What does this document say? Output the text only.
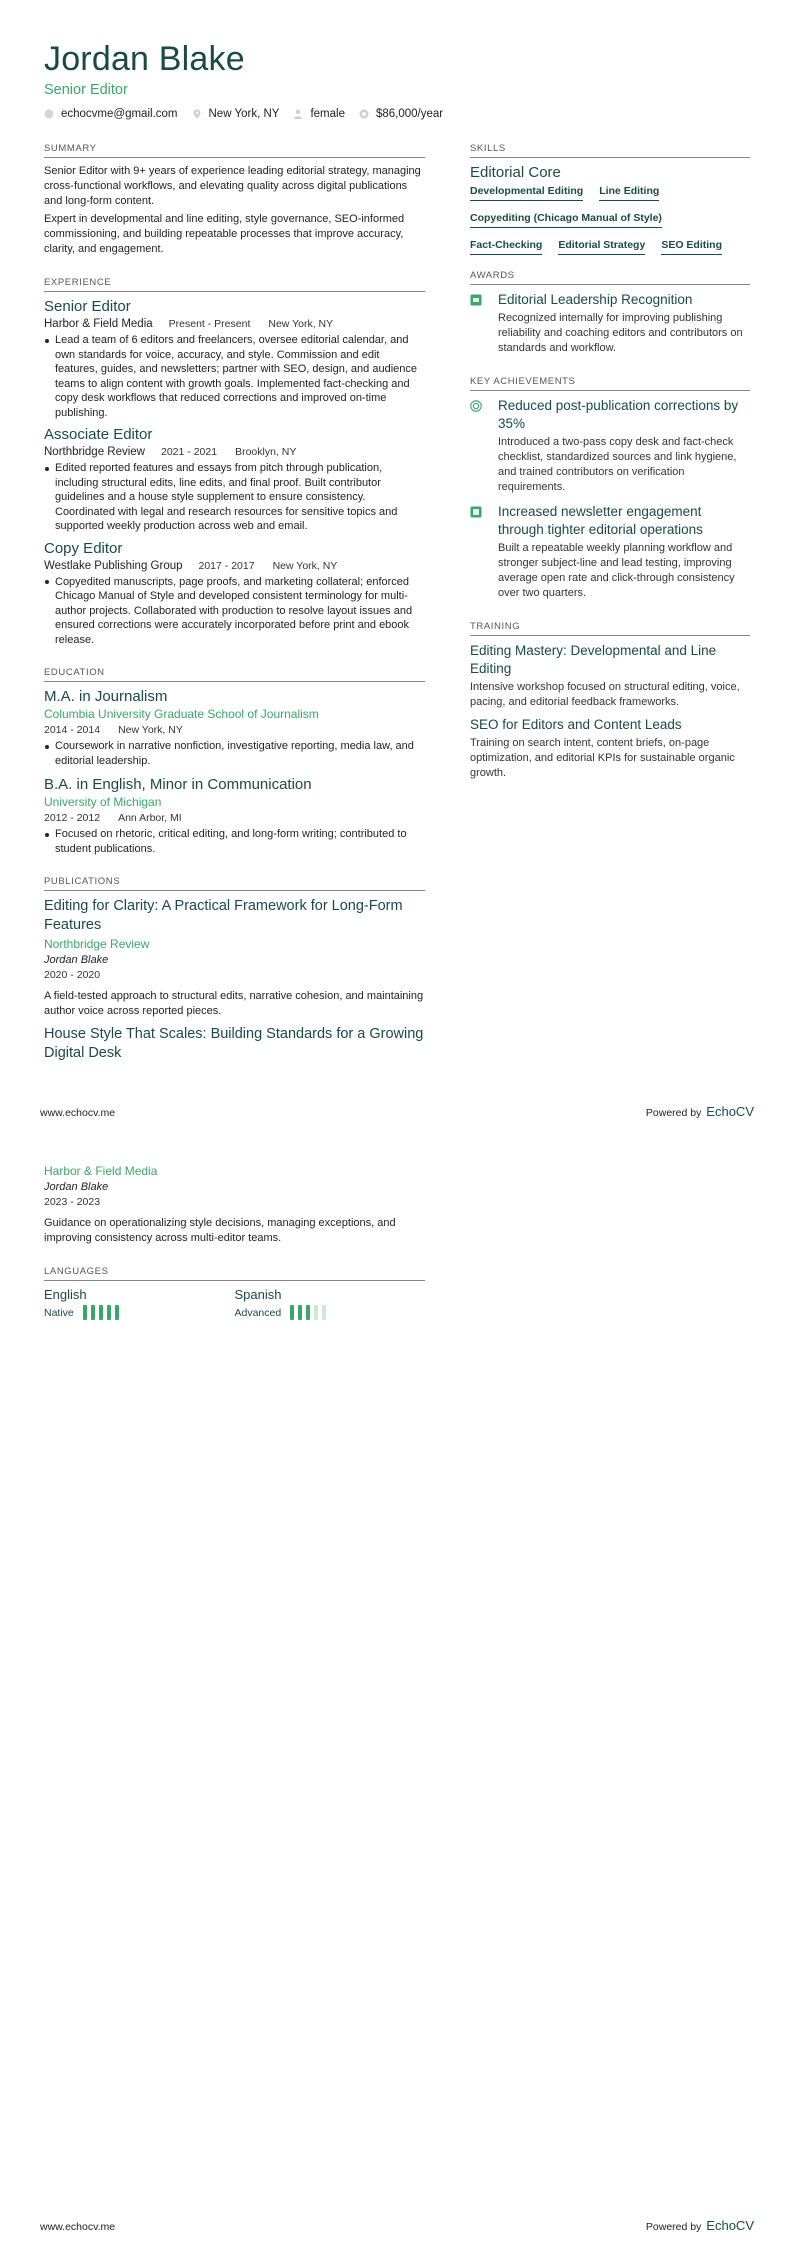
Jordan Blake
Senior Editor
echocvme@gmail.com	New York, NY	female	$86,000/year
SUMMARY
Senior Editor with 9+ years of experience leading editorial strategy, managing cross-functional workflows, and elevating quality across digital publications and long-form content.
Expert in developmental and line editing, style governance, SEO-informed commissioning, and building repeatable processes that improve accuracy, clarity, and engagement.
EXPERIENCE
Senior Editor
Harbor & Field Media Present - Present New York, NY
Lead a team of 6 editors and freelancers, oversee editorial calendar, and own standards for voice, accuracy, and style. Commission and edit features, guides, and newsletters; partner with SEO, design, and audience teams to align content with growth goals. Implemented fact-checking and copy desk workflows that reduced corrections and improved on-time publishing.
Associate Editor
Northbridge Review 2021 - 2021 Brooklyn, NY
Edited reported features and essays from pitch through publication, including structural edits, line edits, and final proof. Built contributor guidelines and a house style supplement to ensure consistency. Coordinated with legal and research resources for sensitive topics and supported weekly production across web and email.
Copy Editor
Westlake Publishing Group 2017 - 2017 New York, NY
Copyedited manuscripts, page proofs, and marketing collateral; enforced Chicago Manual of Style and developed consistent terminology for multi-author projects. Collaborated with production to resolve layout issues and ensured corrections were accurately incorporated before print and ebook release.
EDUCATION
M.A. in Journalism
Columbia University Graduate School of Journalism
2014 - 2014 New York, NY
Coursework in narrative nonfiction, investigative reporting, media law, and editorial leadership.
B.A. in English, Minor in Communication
University of Michigan
2012 - 2012 Ann Arbor, MI
Focused on rhetoric, critical editing, and long-form writing; contributed to student publications.
PUBLICATIONS
Editing for Clarity: A Practical Framework for Long-Form Features
Northbridge Review
Jordan Blake
2020 - 2020
A field-tested approach to structural edits, narrative cohesion, and maintaining author voice across reported pieces.
House Style That Scales: Building Standards for a Growing Digital Desk
SKILLS
Editorial Core
Developmental Editing Line Editing
Copyediting (Chicago Manual of Style)
Fact-Checking Editorial Strategy SEO Editing
AWARDS
Editorial Leadership Recognition
Recognized internally for improving publishing reliability and coaching editors and contributors on standards and workflow.
KEY ACHIEVEMENTS
Reduced post-publication corrections by 35%
Introduced a two-pass copy desk and fact-check checklist, standardized sources and link hygiene, and trained contributors on verification requirements.
Increased newsletter engagement through tighter editorial operations
Built a repeatable weekly planning workflow and stronger subject-line and lead testing, improving average open rate and click-through consistency over two quarters.
TRAINING
Editing Mastery: Developmental and Line Editing
Intensive workshop focused on structural editing, voice, pacing, and editorial feedback frameworks.
SEO for Editors and Content Leads
Training on search intent, content briefs, on-page optimization, and editorial KPIs for sustainable organic growth.
www.echocv.me	Powered by EchoCV
Harbor & Field Media
Jordan Blake
2023 - 2023
Guidance on operationalizing style decisions, managing exceptions, and improving consistency across multi-editor teams.
LANGUAGES
English
Native
Spanish
Advanced
www.echocv.me	Powered by EchoCV
